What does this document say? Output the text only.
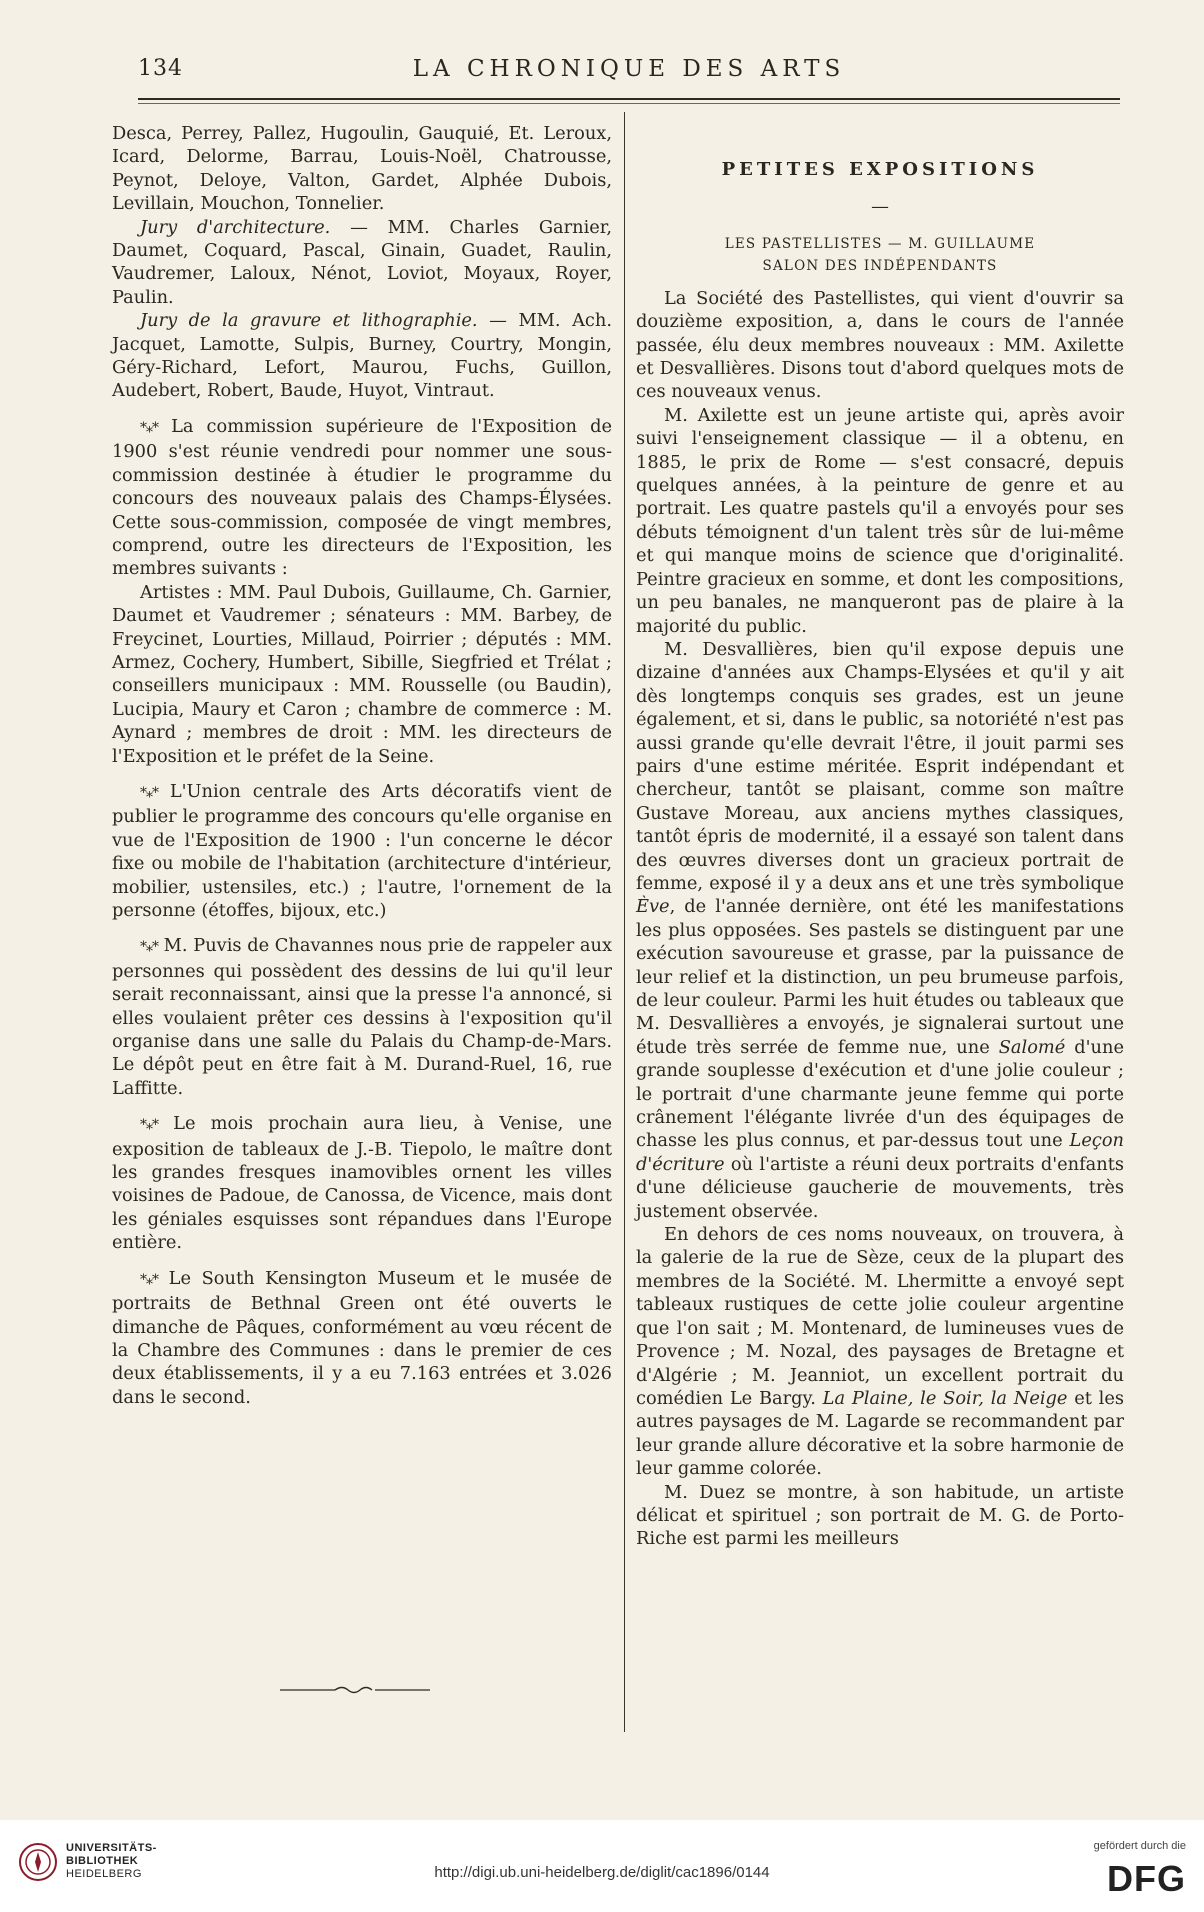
134	LA CHRONIQUE DES ARTS

Desca, Perrey, Pallez, Hugoulin, Gauquié, Et. Leroux, Icard, Delorme, Barrau, Louis-Noël, Chatrousse, Peynot, Deloye, Valton, Gardet, Alphée Dubois, Levillain, Mouchon, Tonnelier.

Jury d'architecture. — MM. Charles Garnier, Daumet, Coquard, Pascal, Ginain, Guadet, Raulin, Vaudremer, Laloux, Nénot, Loviot, Moyaux, Royer, Paulin.

Jury de la gravure et lithographie. — MM. Ach. Jacquet, Lamotte, Sulpis, Burney, Courtry, Mongin, Géry-Richard, Lefort, Maurou, Fuchs, Guillon, Audebert, Robert, Baude, Huyot, Vintraut.

*⁎* La commission supérieure de l'Exposition de 1900 s'est réunie vendredi pour nommer une sous-commission destinée à étudier le programme du concours des nouveaux palais des Champs-Élysées. Cette sous-commission, composée de vingt membres, comprend, outre les directeurs de l'Exposition, les membres suivants :

Artistes : MM. Paul Dubois, Guillaume, Ch. Garnier, Daumet et Vaudremer ; sénateurs : MM. Barbey, de Freycinet, Lourties, Millaud, Poirrier ; députés : MM. Armez, Cochery, Humbert, Sibille, Siegfried et Trélat ; conseillers municipaux : MM. Rousselle (ou Baudin), Lucipia, Maury et Caron ; chambre de commerce : M. Aynard ; membres de droit : MM. les directeurs de l'Exposition et le préfet de la Seine.

*⁎* L'Union centrale des Arts décoratifs vient de publier le programme des concours qu'elle organise en vue de l'Exposition de 1900 : l'un concerne le décor fixe ou mobile de l'habitation (architecture d'intérieur, mobilier, ustensiles, etc.) ; l'autre, l'ornement de la personne (étoffes, bijoux, etc.)

*⁎* M. Puvis de Chavannes nous prie de rappeler aux personnes qui possèdent des dessins de lui qu'il leur serait reconnaissant, ainsi que la presse l'a annoncé, si elles voulaient prêter ces dessins à l'exposition qu'il organise dans une salle du Palais du Champ-de-Mars. Le dépôt peut en être fait à M. Durand-Ruel, 16, rue Laffitte.

*⁎* Le mois prochain aura lieu, à Venise, une exposition de tableaux de J.-B. Tiepolo, le maître dont les grandes fresques inamovibles ornent les villes voisines de Padoue, de Canossa, de Vicence, mais dont les géniales esquisses sont répandues dans l'Europe entière.

*⁎* Le South Kensington Museum et le musée de portraits de Bethnal Green ont été ouverts le dimanche de Pâques, conformément au vœu récent de la Chambre des Communes : dans le premier de ces deux établissements, il y a eu 7.163 entrées et 3.026 dans le second.

PETITES EXPOSITIONS
—
LES PASTELLISTES — M. GUILLAUME
SALON DES INDÉPENDANTS

La Société des Pastellistes, qui vient d'ouvrir sa douzième exposition, a, dans le cours de l'année passée, élu deux membres nouveaux : MM. Axilette et Desvallières. Disons tout d'abord quelques mots de ces nouveaux venus.

M. Axilette est un jeune artiste qui, après avoir suivi l'enseignement classique — il a obtenu, en 1885, le prix de Rome — s'est consacré, depuis quelques années, à la peinture de genre et au portrait. Les quatre pastels qu'il a envoyés pour ses débuts témoignent d'un talent très sûr de lui-même et qui manque moins de science que d'originalité. Peintre gracieux en somme, et dont les compositions, un peu banales, ne manqueront pas de plaire à la majorité du public.

M. Desvallières, bien qu'il expose depuis une dizaine d'années aux Champs-Elysées et qu'il y ait dès longtemps conquis ses grades, est un jeune également, et si, dans le public, sa notoriété n'est pas aussi grande qu'elle devrait l'être, il jouit parmi ses pairs d'une estime méritée. Esprit indépendant et chercheur, tantôt se plaisant, comme son maître Gustave Moreau, aux anciens mythes classiques, tantôt épris de modernité, il a essayé son talent dans des œuvres diverses dont un gracieux portrait de femme, exposé il y a deux ans et une très symbolique Ève, de l'année dernière, ont été les manifestations les plus opposées. Ses pastels se distinguent par une exécution savoureuse et grasse, par la puissance de leur relief et la distinction, un peu brumeuse parfois, de leur couleur. Parmi les huit études ou tableaux que M. Desvallières a envoyés, je signalerai surtout une étude très serrée de femme nue, une Salomé d'une grande souplesse d'exécution et d'une jolie couleur ; le portrait d'une charmante jeune femme qui porte crânement l'élégante livrée d'un des équipages de chasse les plus connus, et par-dessus tout une Leçon d'écriture où l'artiste a réuni deux portraits d'enfants d'une délicieuse gaucherie de mouvements, très justement observée.

En dehors de ces noms nouveaux, on trouvera, à la galerie de la rue de Sèze, ceux de la plupart des membres de la Société. M. Lhermitte a envoyé sept tableaux rustiques de cette jolie couleur argentine que l'on sait ; M. Montenard, de lumineuses vues de Provence ; M. Nozal, des paysages de Bretagne et d'Algérie ; M. Jeanniot, un excellent portrait du comédien Le Bargy. La Plaine, le Soir, la Neige et les autres paysages de M. Lagarde se recommandent par leur grande allure décorative et la sobre harmonie de leur gamme colorée.

M. Duez se montre, à son habitude, un artiste délicat et spirituel ; son portrait de M. G. de Porto-Riche est parmi les meilleurs

UNIVERSITÄTS-
BIBLIOTHEK
HEIDELBERG	http://digi.ub.uni-heidelberg.de/diglit/cac1896/0144
gefördert durch die
DFG
